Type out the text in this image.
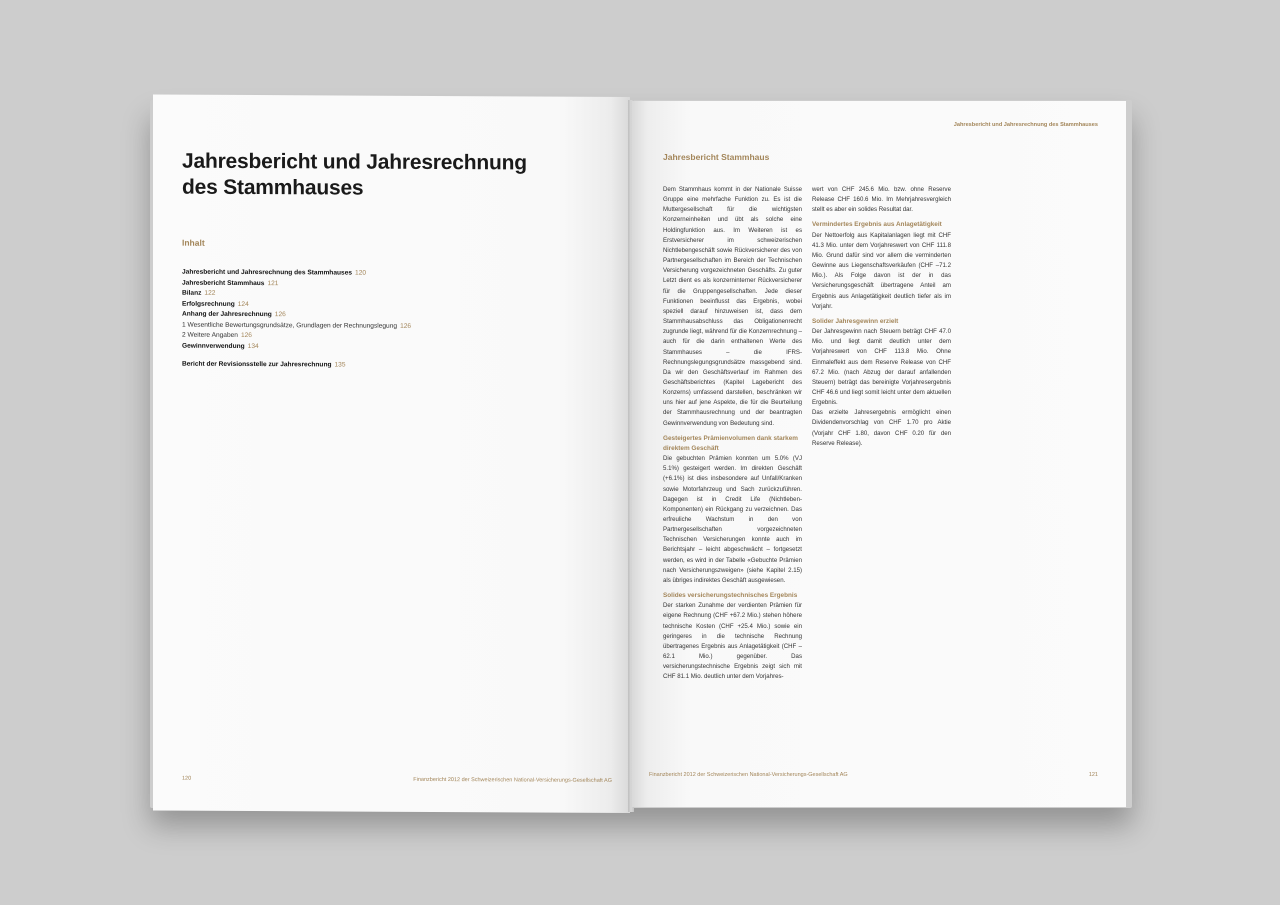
Jahresbericht und Jahresrechnung
des Stammhauses
Inhalt
Jahresbericht und Jahresrechnung des Stammhauses 120
Jahresbericht Stammhaus 121
Bilanz 122
Erfolgsrechnung 124
Anhang der Jahresrechnung 126
1 Wesentliche Bewertungsgrundsätze, Grundlagen der Rechnungslegung 126
2 Weitere Angaben 126
Gewinnverwendung 134
Bericht der Revisionsstelle zur Jahresrechnung 135
120	Finanzbericht 2012 der Schweizerischen National-Versicherungs-Gesellschaft AG
Jahresbericht und Jahresrechnung des Stammhauses
Jahresbericht Stammhaus

Dem Stammhaus kommt in der Nationale Suisse Gruppe eine mehrfache Funktion zu. Es ist die Muttergesellschaft für die wichtigsten Konzerneinheiten und übt als solche eine Holdingfunktion aus. Im Weiteren ist es Erstversicherer im schweizerischen Nichtlebengeschäft sowie Rückversicherer des von Partnergesellschaften im Bereich der Technischen Versicherung vorgezeichneten Geschäfts. Zu guter Letzt dient es als konzerninterner Rückversicherer für die Gruppengesellschaften. Jede dieser Funktionen beeinflusst das Ergebnis, wobei speziell darauf hinzuweisen ist, dass dem Stammhausabschluss das Obligationenrecht zugrunde liegt, während für die Konzernrechnung – auch für die darin enthaltenen Werte des Stammhauses – die IFRS-Rechnungslegungsgrundsätze massgebend sind. Da wir den Geschäftsverlauf im Rahmen des Geschäftsberichtes (Kapitel Lagebericht des Konzerns) umfassend darstellen, beschränken wir uns hier auf jene Aspekte, die für die Beurteilung der Stammhausrechnung und der beantragten Gewinnverwendung von Bedeutung sind.

Gesteigertes Prämienvolumen dank starkem direktem Geschäft

Die gebuchten Prämien konnten um 5.0% (VJ 5.1%) gesteigert werden. Im direkten Geschäft (+6.1%) ist dies insbesondere auf Unfall/Kranken sowie Motorfahrzeug und Sach zurückzuführen. Dagegen ist in Credit Life (Nichtleben-Komponenten) ein Rückgang zu verzeichnen. Das erfreuliche Wachstum in den von Partnergesellschaften vorgezeichneten Technischen Versicherungen konnte auch im Berichtsjahr – leicht abgeschwächt – fortgesetzt werden, es wird in der Tabelle «Gebuchte Prämien nach Versicherungszweigen» (siehe Kapitel 2.15) als übriges indirektes Geschäft ausgewiesen.

Solides versicherungstechnisches Ergebnis

Der starken Zunahme der verdienten Prämien für eigene Rechnung (CHF +67.2 Mio.) stehen höhere technische Kosten (CHF +25.4 Mio.) sowie ein geringeres in die technische Rechnung übertragenes Ergebnis aus Anlagetätigkeit (CHF –62.1 Mio.) gegenüber. Das versicherungstechnische Ergebnis zeigt sich mit CHF 81.1 Mio. deutlich unter dem Vorjahres-

wert von CHF 245.6 Mio. bzw. ohne Reserve Release CHF 160.6 Mio. Im Mehrjahresvergleich stellt es aber ein solides Resultat dar.

Vermindertes Ergebnis aus Anlagetätigkeit

Der Nettoerfolg aus Kapitalanlagen liegt mit CHF 41.3 Mio. unter dem Vorjahreswert von CHF 111.8 Mio. Grund dafür sind vor allem die verminderten Gewinne aus Liegenschaftsverkäufen (CHF –71.2 Mio.). Als Folge davon ist der in das Versicherungsgeschäft übertragene Anteil am Ergebnis aus Anlagetätigkeit deutlich tiefer als im Vorjahr.

Solider Jahresgewinn erzielt

Der Jahresgewinn nach Steuern beträgt CHF 47.0 Mio. und liegt damit deutlich unter dem Vorjahreswert von CHF 113.8 Mio. Ohne Einmaleffekt aus dem Reserve Release von CHF 67.2 Mio. (nach Abzug der darauf anfallenden Steuern) beträgt das bereinigte Vorjahresergebnis CHF 46.6 und liegt somit leicht unter dem aktuellen Ergebnis.

Das erzielte Jahresergebnis ermöglicht einen Dividendenvorschlag von CHF 1.70 pro Aktie (Vorjahr CHF 1.80, davon CHF 0.20 für den Reserve Release).

Finanzbericht 2012 der Schweizerischen National-Versicherungs-Gesellschaft AG	121
